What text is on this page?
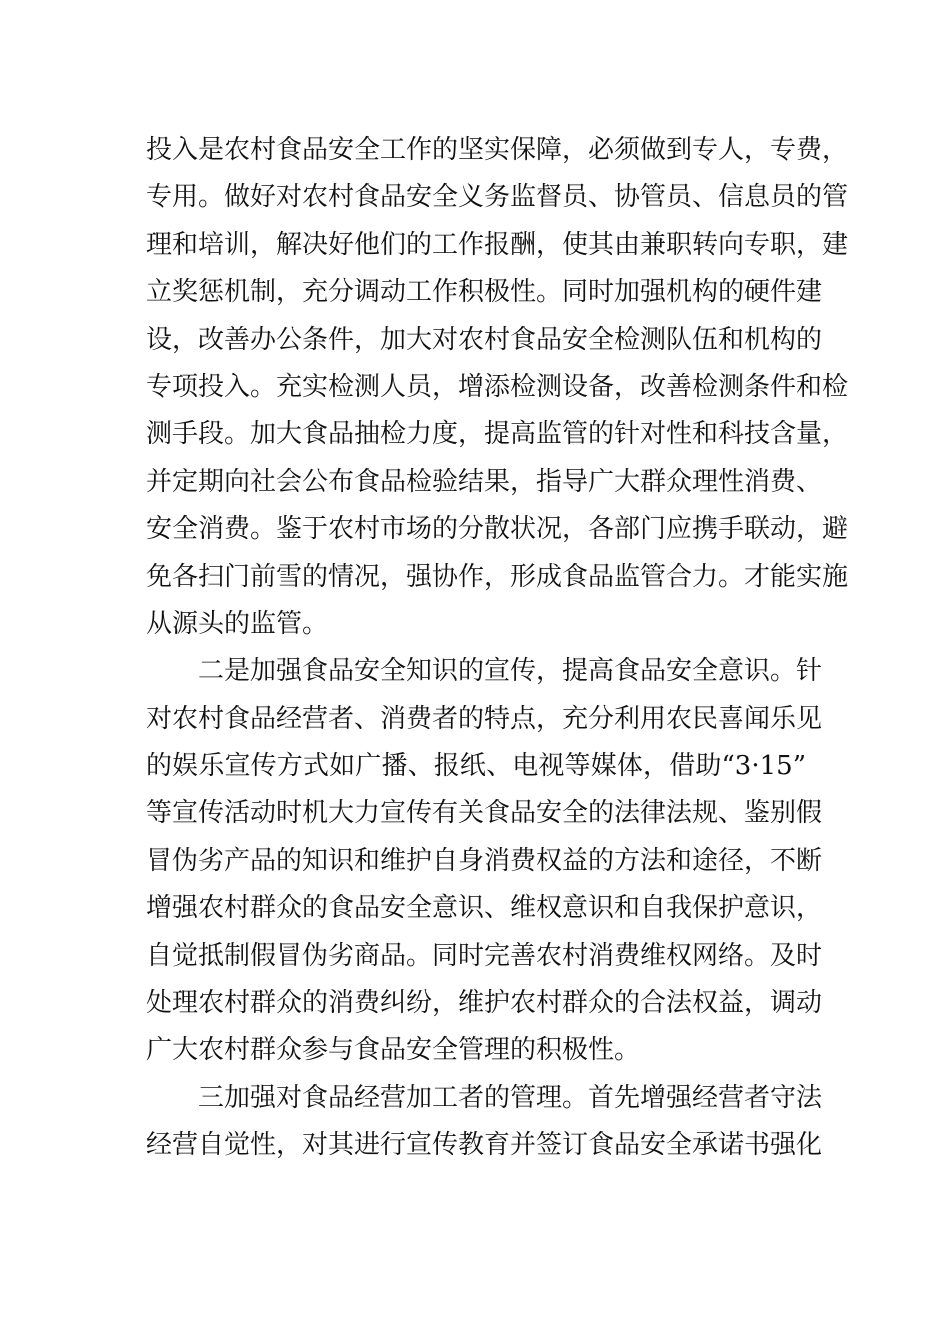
投入是农村食品安全工作的坚实保障，必须做到专人，专费，
专用。做好对农村食品安全义务监督员、协管员、信息员的管
理和培训，解决好他们的工作报酬，使其由兼职转向专职，建
立奖惩机制，充分调动工作积极性。同时加强机构的硬件建
设，改善办公条件，加大对农村食品安全检测队伍和机构的
专项投入。充实检测人员，增添检测设备，改善检测条件和检
测手段。加大食品抽检力度，提高监管的针对性和科技含量，
并定期向社会公布食品检验结果，指导广大群众理性消费、
安全消费。鉴于农村市场的分散状况，各部门应携手联动，避
免各扫门前雪的情况，强协作，形成食品监管合力。才能实施
从源头的监管。
二是加强食品安全知识的宣传，提高食品安全意识。针
对农村食品经营者、消费者的特点，充分利用农民喜闻乐见
的娱乐宣传方式如广播、报纸、电视等媒体，借助“3·15”
等宣传活动时机大力宣传有关食品安全的法律法规、鉴别假
冒伪劣产品的知识和维护自身消费权益的方法和途径，不断
增强农村群众的食品安全意识、维权意识和自我保护意识，
自觉抵制假冒伪劣商品。同时完善农村消费维权网络。及时
处理农村群众的消费纠纷，维护农村群众的合法权益，调动
广大农村群众参与食品安全管理的积极性。
三加强对食品经营加工者的管理。首先增强经营者守法
经营自觉性，对其进行宣传教育并签订食品安全承诺书强化
